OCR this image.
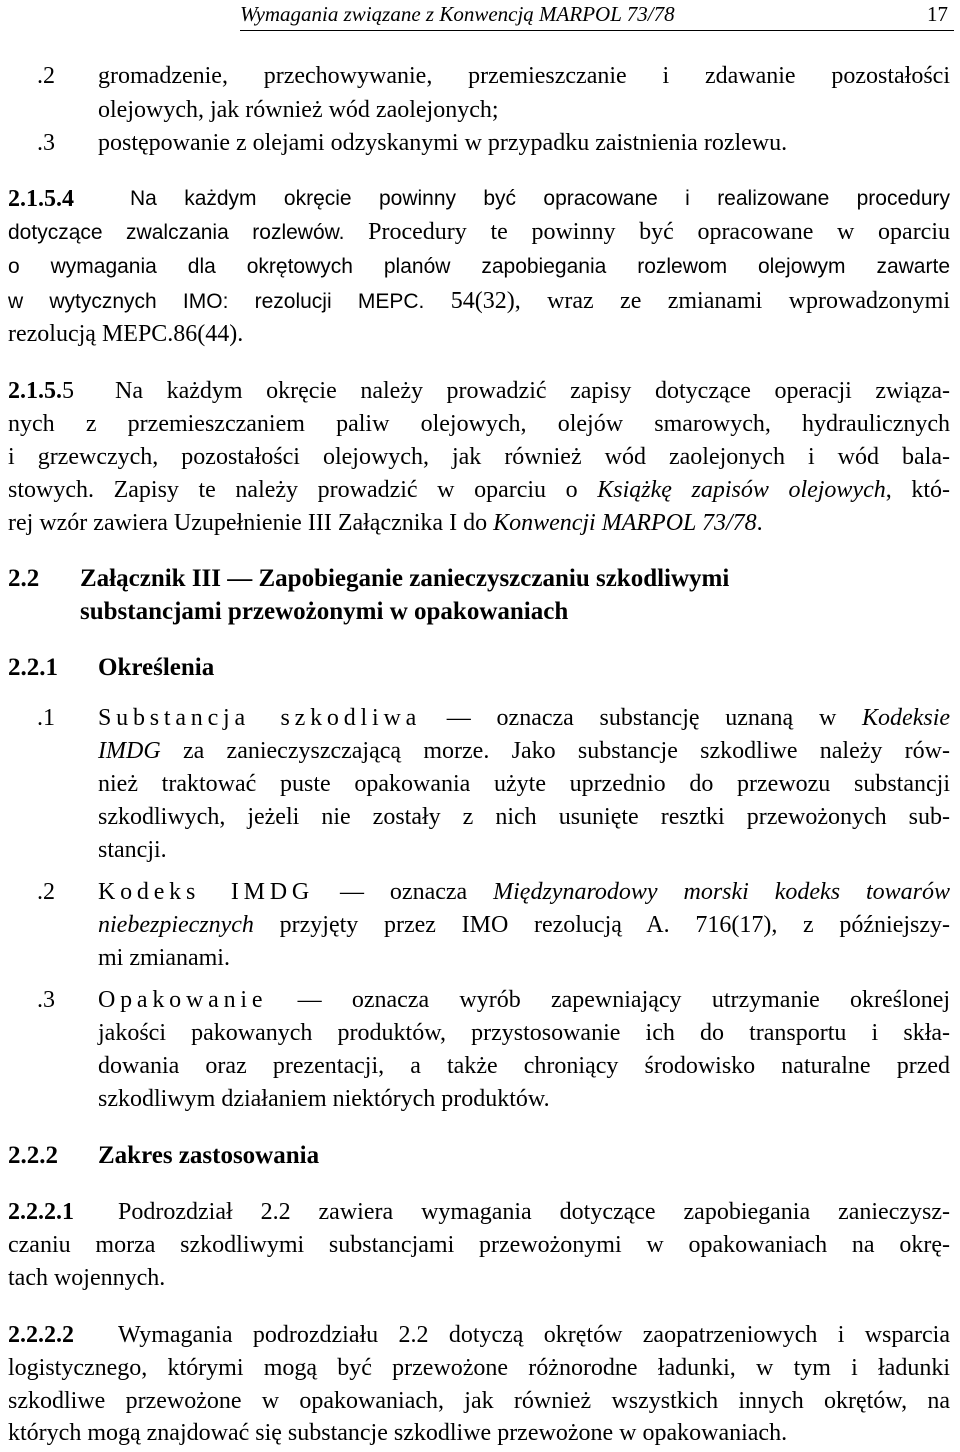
Wymagania związane z Konwencją MARPOL 73/78	17
.2 gromadzenie, przechowywanie, przemieszczanie i zdawanie pozostałości
olejowych, jak również wód zaolejonych;
.3 postępowanie z olejami odzyskanymi w przypadku zaistnienia rozlewu.
2.1.5.4	Na każdym okręcie powinny być opracowane i realizowane procedury
dotyczące zwalczania rozlewów. Procedury te powinny być opracowane w oparciu
o wymagania dla okrętowych planów zapobiegania rozlewom olejowym zawarte
w wytycznych IMO: rezolucji MEPC. 54(32), wraz ze zmianami wprowadzonymi
rezolucją MEPC.86(44).
2.1.5.5 Na każdym okręcie należy prowadzić zapisy dotyczące operacji związa-
nych z przemieszczaniem paliw olejowych, olejów smarowych, hydraulicznych
i grzewczych, pozostałości olejowych, jak również wód zaolejonych i wód bala-
stowych. Zapisy te należy prowadzić w oparciu o Książkę zapisów olejowych, któ-
rej wzór zawiera Uzupełnienie III Załącznika I do Konwencji MARPOL 73/78.
2.2 Załącznik III — Zapobieganie zanieczyszczaniu szkodliwymi
substancjami przewożonymi w opakowaniach
2.2.1 Określenia
.1 Substancja szkodliwa — oznacza substancję uznaną w Kodeksie
IMDG za zanieczyszczającą morze. Jako substancje szkodliwe należy rów-
nież traktować puste opakowania użyte uprzednio do przewozu substancji
szkodliwych, jeżeli nie zostały z nich usunięte resztki przewożonych sub-
stancji.
.2 Kodeks IMDG — oznacza Międzynarodowy morski kodeks towarów
niebezpiecznych przyjęty przez IMO rezolucją A. 716(17), z późniejszy-
mi zmianami.
.3 Opakowanie — oznacza wyrób zapewniający utrzymanie określonej
jakości pakowanych produktów, przystosowanie ich do transportu i skła-
dowania oraz prezentacji, a także chroniący środowisko naturalne przed
szkodliwym działaniem niektórych produktów.
2.2.2 Zakres zastosowania
2.2.2.1 Podrozdział 2.2 zawiera wymagania dotyczące zapobiegania zanieczysz-
czaniu morza szkodliwymi substancjami przewożonymi w opakowaniach na okrę-
tach wojennych.
2.2.2.2 Wymagania podrozdziału 2.2 dotyczą okrętów zaopatrzeniowych i wsparcia
logistycznego, którymi mogą być przewożone różnorodne ładunki, w tym i ładunki
szkodliwe przewożone w opakowaniach, jak również wszystkich innych okrętów, na
których mogą znajdować się substancje szkodliwe przewożone w opakowaniach.
